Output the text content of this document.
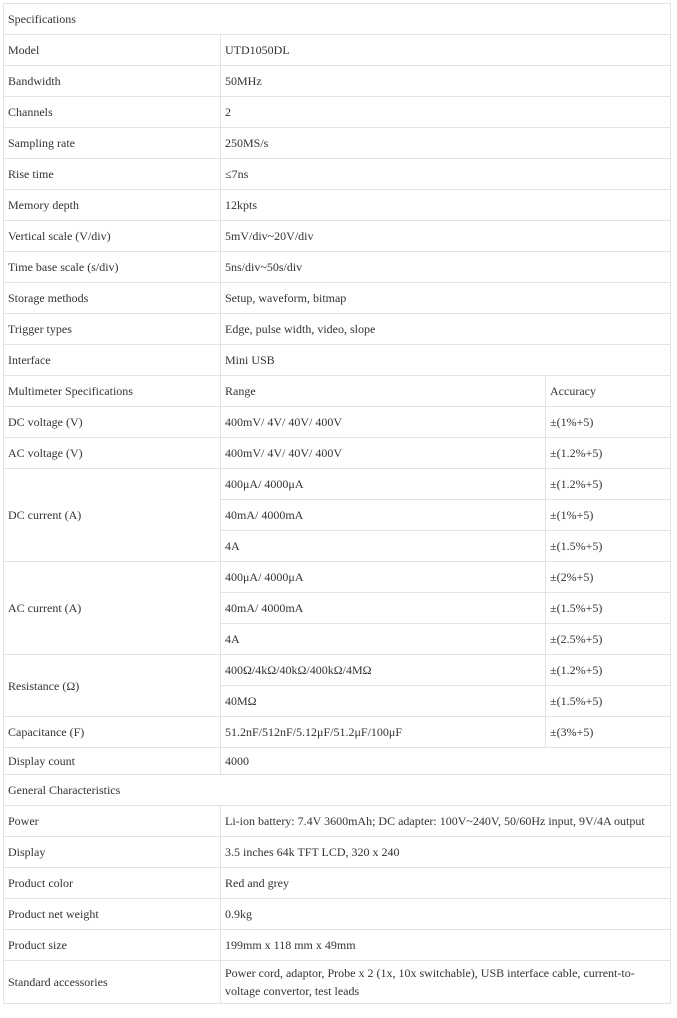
Specifications		
Model	UTD1050DL	
Bandwidth	50MHz	
Channels	2	
Sampling rate	250MS/s	
Rise time	≤7ns	
Memory depth	12kpts	
Vertical scale (V/div)	5mV/div~20V/div	
Time base scale (s/div)	5ns/div~50s/div	
Storage methods	Setup, waveform, bitmap	
Trigger types	Edge, pulse width, video, slope	
Interface	Mini USB	
Multimeter Specifications	Range	Accuracy
DC voltage (V)	400mV/ 4V/ 40V/ 400V	±(1%+5)
AC voltage (V)	400mV/ 4V/ 40V/ 400V	±(1.2%+5)
DC current (A)	400μA/ 4000μA	±(1.2%+5)
	40mA/ 4000mA	±(1%+5)
	4A	±(1.5%+5)
AC current (A)	400μA/ 4000μA	±(2%+5)
	40mA/ 4000mA	±(1.5%+5)
	4A	±(2.5%+5)
Resistance (Ω)	400Ω/4kΩ/40kΩ/400kΩ/4MΩ	±(1.2%+5)
	40MΩ	±(1.5%+5)
Capacitance (F)	51.2nF/512nF/5.12μF/51.2μF/100μF	±(3%+5)
Display count	4000	
General Characteristics		
Power	Li-ion battery: 7.4V 3600mAh; DC adapter: 100V~240V, 50/60Hz input, 9V/4A output	
Display	3.5 inches 64k TFT LCD, 320 x 240	
Product color	Red and grey	
Product net weight	0.9kg	
Product size	199mm x 118 mm x 49mm	
Standard accessories	Power cord, adaptor, Probe x 2 (1x, 10x switchable), USB interface cable, current-to-voltage convertor, test leads	
